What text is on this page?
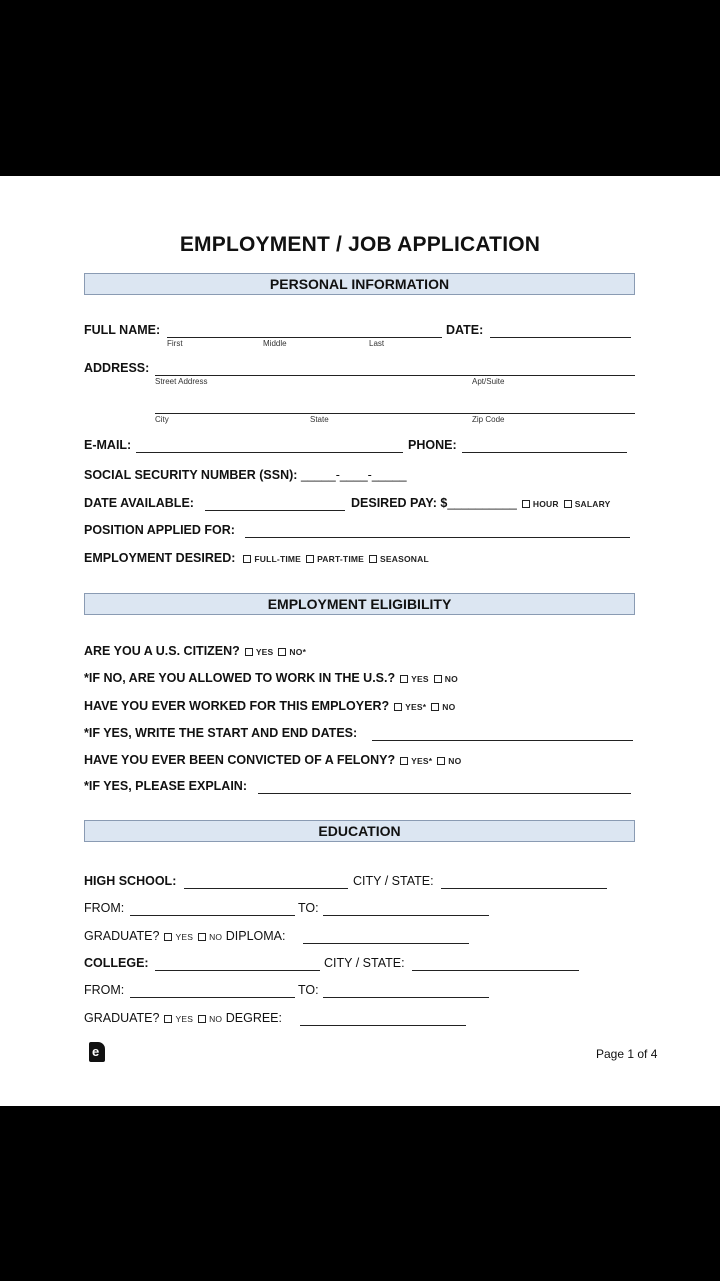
EMPLOYMENT / JOB APPLICATION
PERSONAL INFORMATION
FULL NAME:
First	Middle	Last
DATE:
ADDRESS:
Street Address	Apt/Suite
City	State	Zip Code
E-MAIL:	PHONE:
SOCIAL SECURITY NUMBER (SSN): _____-____-_____
DATE AVAILABLE:	DESIRED PAY: $__________ HOUR SALARY
POSITION APPLIED FOR:
EMPLOYMENT DESIRED: FULL-TIME PART-TIME SEASONAL
EMPLOYMENT ELIGIBILITY
ARE YOU A U.S. CITIZEN? YES NO*
*IF NO, ARE YOU ALLOWED TO WORK IN THE U.S.? YES NO
HAVE YOU EVER WORKED FOR THIS EMPLOYER? YES* NO
*IF YES, WRITE THE START AND END DATES:
HAVE YOU EVER BEEN CONVICTED OF A FELONY? YES* NO
*IF YES, PLEASE EXPLAIN:
EDUCATION
HIGH SCHOOL:	CITY / STATE:
FROM:	TO:
GRADUATE? YES NO DIPLOMA:
COLLEGE:	CITY / STATE:
FROM:	TO:
GRADUATE? YES NO DEGREE:
e	Page 1 of 4
